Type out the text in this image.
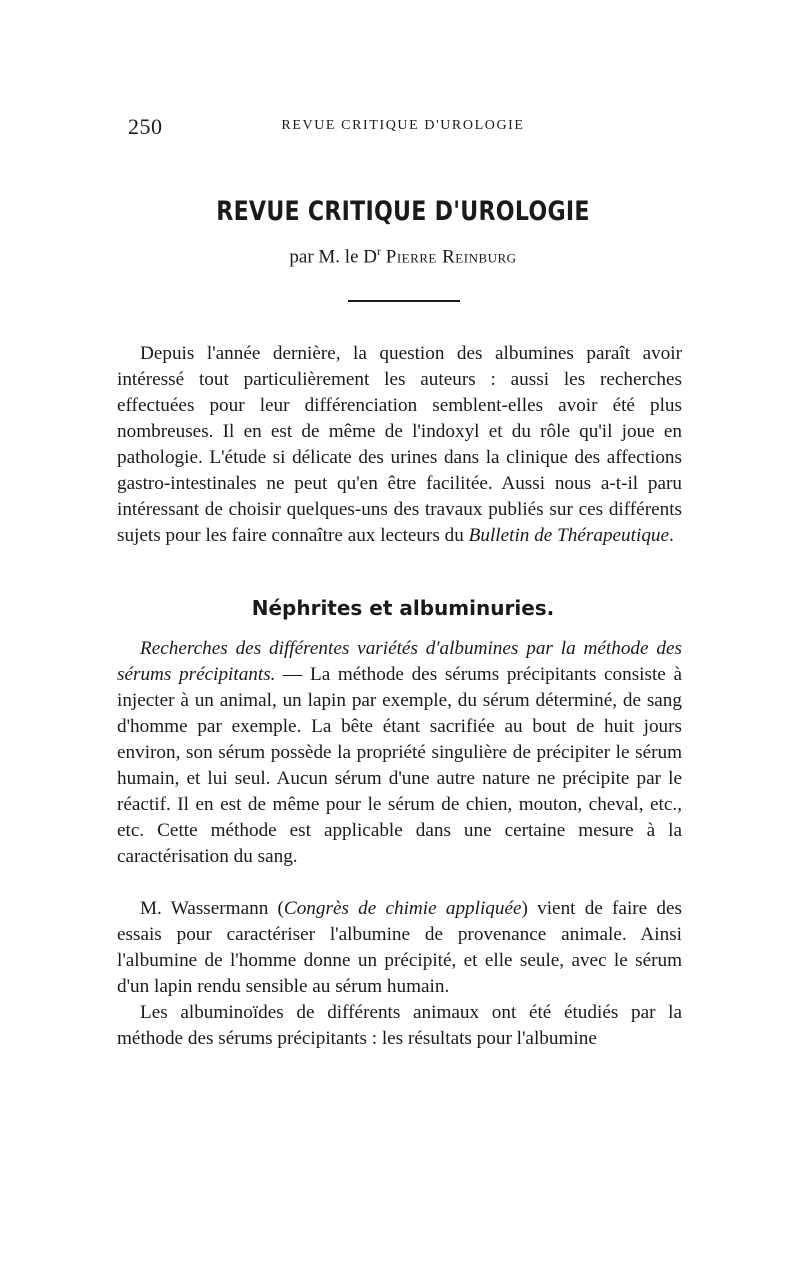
250	REVUE CRITIQUE D'UROLOGIE
REVUE CRITIQUE D'UROLOGIE
par M. le $D^r$ Pierre Reinburg

Depuis l'année dernière, la question des albumines paraît avoir intéressé tout particulièrement les auteurs : aussi les recherches effectuées pour leur différenciation semblent-elles avoir été plus nombreuses. Il en est de même de l'indoxyl et du rôle qu'il joue en pathologie. L'étude si délicate des urines dans la clinique des affections gastro-intestinales ne peut qu'en être facilitée. Aussi nous a-t-il paru intéressant de choisir quelques-uns des travaux publiés sur ces différents sujets pour les faire connaître aux lecteurs du Bulletin de Thérapeutique.

Néphrites et albuminuries.

Recherches des différentes variétés d'albumines par la méthode des sérums précipitants. — La méthode des sérums précipitants consiste à injecter à un animal, un lapin par exemple, du sérum déterminé, de sang d'homme par exemple. La bête étant sacrifiée au bout de huit jours environ, son sérum possède la propriété singulière de précipiter le sérum humain, et lui seul. Aucun sérum d'une autre nature ne précipite par le réactif. Il en est de même pour le sérum de chien, mouton, cheval, etc., etc. Cette méthode est applicable dans une certaine mesure à la caractérisation du sang.

M. Wassermann (Congrès de chimie appliquée) vient de faire des essais pour caractériser l'albumine de provenance animale. Ainsi l'albumine de l'homme donne un précipité, et elle seule, avec le sérum d'un lapin rendu sensible au sérum humain.

Les albuminoïdes de différents animaux ont été étudiés par la méthode des sérums précipitants : les résultats pour l'albumine
